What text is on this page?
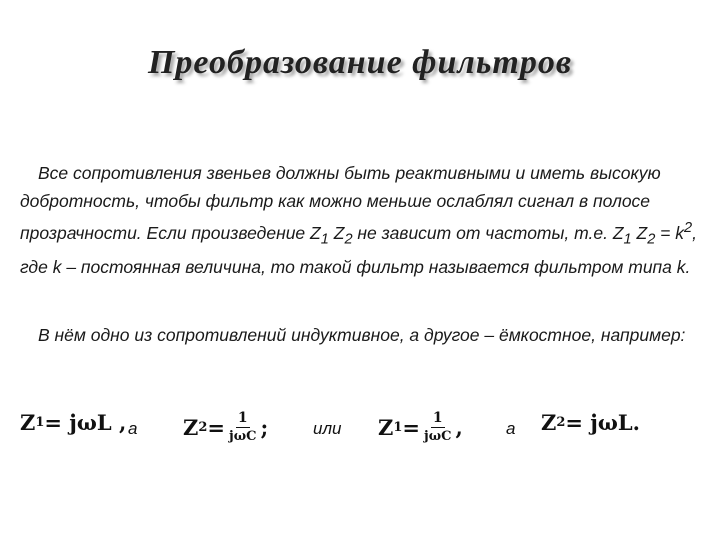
Преобразование фильтров
Все сопротивления звеньев должны быть реактивными и иметь высокую добротность, чтобы фильтр как можно меньше ослаблял сигнал в полосе прозрачности. Если произведение $Z_1$ $Z_2$ не зависит от частоты, т.е. $Z_1$ $Z_2 = k^2$, где k – постоянная величина, то такой фильтр называется фильтром типа k.
В нём одно из сопротивлений индуктивное, а другое – ёмкостное, например:
Z 1 = jωL , а Z $2 = \frac{1}{\text{jωC}}$ ;	или Z $1 = \frac{1}{\text{jωC}}$ ,	а Z 2 = jωL.
